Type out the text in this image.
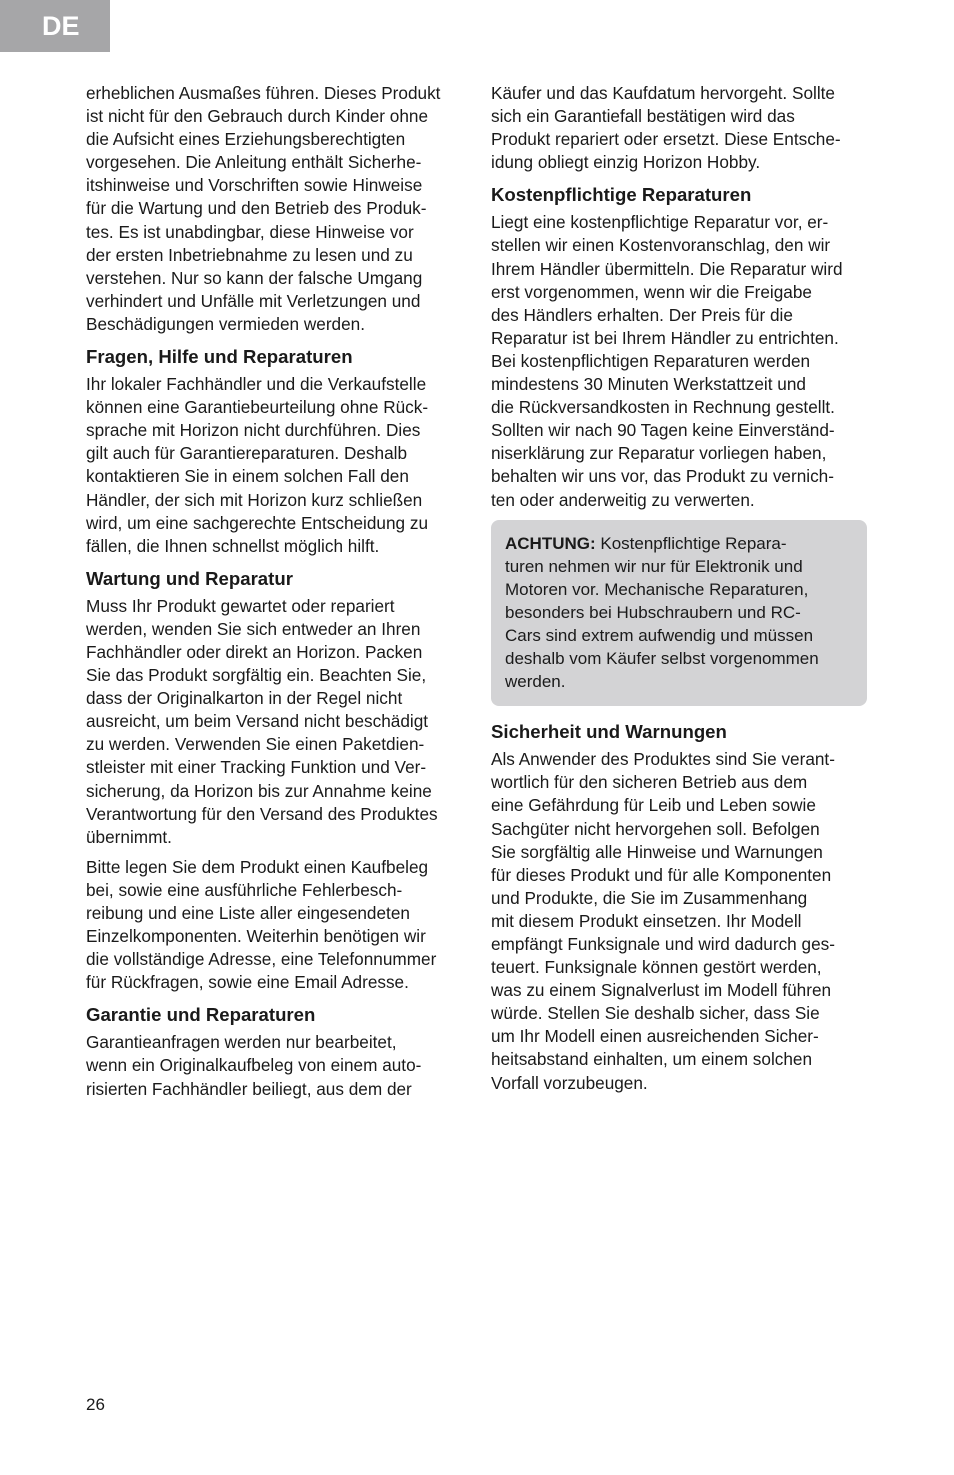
DE
erheblichen Ausmaßes führen. Dieses Produkt
ist nicht für den Gebrauch durch Kinder ohne
die Aufsicht eines Erziehungsberechtigten
vorgesehen. Die Anleitung enthält Sicherhe-
itshinweise und Vorschriften sowie Hinweise
für die Wartung und den Betrieb des Produk-
tes. Es ist unabdingbar, diese Hinweise vor
der ersten Inbetriebnahme zu lesen und zu
verstehen. Nur so kann der falsche Umgang
verhindert und Unfälle mit Verletzungen und
Beschädigungen vermieden werden.
Fragen, Hilfe und Reparaturen
Ihr lokaler Fachhändler und die Verkaufstelle
können eine Garantiebeurteilung ohne Rück-
sprache mit Horizon nicht durchführen. Dies
gilt auch für Garantiereparaturen. Deshalb
kontaktieren Sie in einem solchen Fall den
Händler, der sich mit Horizon kurz schließen
wird, um eine sachgerechte Entscheidung zu
fällen, die Ihnen schnellst möglich hilft.
Wartung und Reparatur
Muss Ihr Produkt gewartet oder repariert
werden, wenden Sie sich entweder an Ihren
Fachhändler oder direkt an Horizon. Packen
Sie das Produkt sorgfältig ein. Beachten Sie,
dass der Originalkarton in der Regel nicht
ausreicht, um beim Versand nicht beschädigt
zu werden. Verwenden Sie einen Paketdien-
stleister mit einer Tracking Funktion und Ver-
sicherung, da Horizon bis zur Annahme keine
Verantwortung für den Versand des Produktes
übernimmt.
Bitte legen Sie dem Produkt einen Kaufbeleg
bei, sowie eine ausführliche Fehlerbesch-
reibung und eine Liste aller eingesendeten
Einzelkomponenten. Weiterhin benötigen wir
die vollständige Adresse, eine Telefonnummer
für Rückfragen, sowie eine Email Adresse.
Garantie und Reparaturen
Garantieanfragen werden nur bearbeitet,
wenn ein Originalkaufbeleg von einem auto-
risierten Fachhändler beiliegt, aus dem der
Käufer und das Kaufdatum hervorgeht. Sollte
sich ein Garantiefall bestätigen wird das
Produkt repariert oder ersetzt. Diese Entsche-
idung obliegt einzig Horizon Hobby.
Kostenpflichtige Reparaturen
Liegt eine kostenpflichtige Reparatur vor, er-
stellen wir einen Kostenvoranschlag, den wir
Ihrem Händler übermitteln. Die Reparatur wird
erst vorgenommen, wenn wir die Freigabe
des Händlers erhalten. Der Preis für die
Reparatur ist bei Ihrem Händler zu entrichten.
Bei kostenpflichtigen Reparaturen werden
mindestens 30 Minuten Werkstattzeit und
die Rückversandkosten in Rechnung gestellt.
Sollten wir nach 90 Tagen keine Einverständ-
niserklärung zur Reparatur vorliegen haben,
behalten wir uns vor, das Produkt zu vernich-
ten oder anderweitig zu verwerten.
ACHTUNG: Kostenpflichtige Repara-
turen nehmen wir nur für Elektronik und
Motoren vor. Mechanische Reparaturen,
besonders bei Hubschraubern und RC-
Cars sind extrem aufwendig und müssen
deshalb vom Käufer selbst vorgenommen
werden.
Sicherheit und Warnungen
Als Anwender des Produktes sind Sie verant-
wortlich für den sicheren Betrieb aus dem
eine Gefährdung für Leib und Leben sowie
Sachgüter nicht hervorgehen soll. Befolgen
Sie sorgfältig alle Hinweise und Warnungen
für dieses Produkt und für alle Komponenten
und Produkte, die Sie im Zusammenhang
mit diesem Produkt einsetzen. Ihr Modell
empfängt Funksignale und wird dadurch ges-
teuert. Funksignale können gestört werden,
was zu einem Signalverlust im Modell führen
würde. Stellen Sie deshalb sicher, dass Sie
um Ihr Modell einen ausreichenden Sicher-
heitsabstand einhalten, um einem solchen
Vorfall vorzubeugen.
26
